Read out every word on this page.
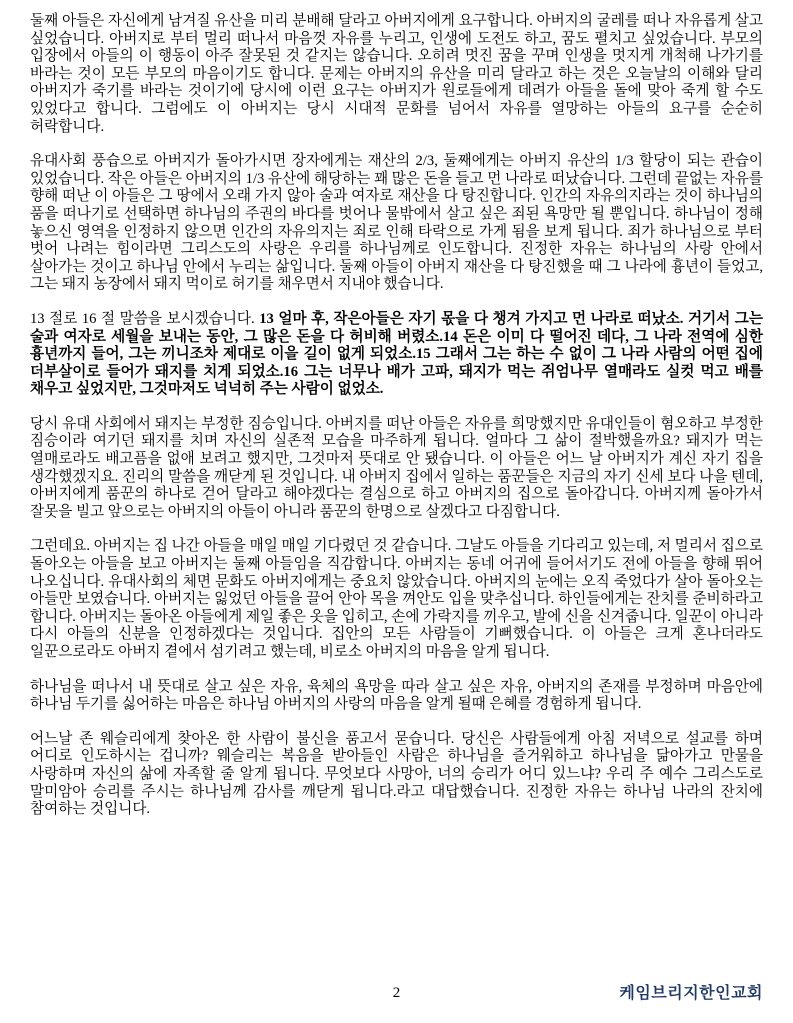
둘째 아들은 자신에게 남겨질 유산을 미리 분배해 달라고 아버지에게 요구합니다. 아버지의 굴레를 떠나 자유롭게 살고 싶었습니다. 아버지로 부터 멀리 떠나서 마음껏 자유를 누리고, 인생에 도전도 하고, 꿈도 펼치고 싶었습니다. 부모의 입장에서 아들의 이 행동이 아주 잘못된 것 같지는 않습니다. 오히려 멋진 꿈을 꾸며 인생을 멋지게 개척해 나가기를 바라는 것이 모든 부모의 마음이기도 합니다. 문제는 아버지의 유산을 미리 달라고 하는 것은 오늘날의 이해와 달리 아버지가 죽기를 바라는 것이기에 당시에 이런 요구는 아버지가 원로들에게 데려가 아들을 돌에 맞아 죽게 할 수도 있었다고 합니다. 그럼에도 이 아버지는 당시 시대적 문화를 넘어서 자유를 열망하는 아들의 요구를 순순히 허락합니다.

유대사회 풍습으로 아버지가 돌아가시면 장자에게는 재산의 2/3, 둘째에게는 아버지 유산의 1/3 할당이 되는 관습이 있었습니다. 작은 아들은 아버지의 1/3 유산에 해당하는 꽤 많은 돈을 들고 먼 나라로 떠났습니다. 그런데 끝없는 자유를 향해 떠난 이 아들은 그 땅에서 오래 가지 않아 술과 여자로 재산을 다 탕진합니다. 인간의 자유의지라는 것이 하나님의 품을 떠나기로 선택하면 하나님의 주권의 바다를 벗어나 물밖에서 살고 싶은 죄된 욕망만 될 뿐입니다. 하나님이 정해 놓으신 영역을 인정하지 않으면 인간의 자유의지는 죄로 인해 타락으로 가게 됨을 보게 됩니다. 죄가 하나님으로 부터 벗어 나려는 힘이라면 그리스도의 사랑은 우리를 하나님께로 인도합니다. 진정한 자유는 하나님의 사랑 안에서 살아가는 것이고 하나님 안에서 누리는 삶입니다. 둘째 아들이 아버지 재산을 다 탕진했을 때 그 나라에 흉년이 들었고, 그는 돼지 농장에서 돼지 먹이로 허기를 채우면서 지내야 했습니다.

13 절로 16 절 말씀을 보시겠습니다. 13 얼마 후, 작은아들은 자기 몫을 다 챙겨 가지고 먼 나라로 떠났소. 거기서 그는 술과 여자로 세월을 보내는 동안, 그 많은 돈을 다 허비해 버렸소.14 돈은 이미 다 떨어진 데다, 그 나라 전역에 심한 흉년까지 들어, 그는 끼니조차 제대로 이을 길이 없게 되었소.15 그래서 그는 하는 수 없이 그 나라 사람의 어떤 집에 더부살이로 들어가 돼지를 치게 되었소.16 그는 너무나 배가 고파, 돼지가 먹는 쥐엄나무 열매라도 실컷 먹고 배를 채우고 싶었지만, 그것마저도 넉넉히 주는 사람이 없었소.

당시 유대 사회에서 돼지는 부정한 짐승입니다. 아버지를 떠난 아들은 자유를 희망했지만 유대인들이 혐오하고 부정한 짐승이라 여기던 돼지를 치며 자신의 실존적 모습을 마주하게 됩니다. 얼마다 그 삶이 절박했을까요? 돼지가 먹는 열매로라도 배고픔을 없애 보려고 했지만, 그것마저 뜻대로 안 됐습니다. 이 아들은 어느 날 아버지가 계신 자기 집을 생각했겠지요. 진리의 말씀을 깨닫게 된 것입니다. 내 아버지 집에서 일하는 품꾼들은 지금의 자기 신세 보다 나을 텐데, 아버지에게 품꾼의 하나로 걷어 달라고 해야겠다는 결심으로 하고 아버지의 집으로 돌아갑니다. 아버지께 돌아가서 잘못을 빌고 앞으로는 아버지의 아들이 아니라 품꾼의 한명으로 살겠다고 다짐합니다.

그런데요. 아버지는 집 나간 아들을 매일 매일 기다렸던 것 같습니다. 그날도 아들을 기다리고 있는데, 저 멀리서 집으로 돌아오는 아들을 보고 아버지는 둘째 아들임을 직감합니다. 아버지는 동네 어귀에 들어서기도 전에 아들을 향해 뛰어 나오십니다. 유대사회의 체면 문화도 아버지에게는 중요치 않았습니다. 아버지의 눈에는 오직 죽었다가 살아 돌아오는 아들만 보였습니다. 아버지는 잃었던 아들을 끌어 안아 목을 껴안도 입을 맞추십니다. 하인들에게는 잔치를 준비하라고 합니다. 아버지는 돌아온 아들에게 제일 좋은 옷을 입히고, 손에 가락지를 끼우고, 발에 신을 신겨줍니다. 일꾼이 아니라 다시 아들의 신분을 인정하겠다는 것입니다. 집안의 모든 사람들이 기뻐했습니다. 이 아들은 크게 혼나더라도 일꾼으로라도 아버지 곁에서 섬기려고 했는데, 비로소 아버지의 마음을 알게 됩니다.

하나님을 떠나서 내 뜻대로 살고 싶은 자유, 육체의 욕망을 따라 살고 싶은 자유, 아버지의 존재를 부정하며 마음안에 하나님 두기를 싫어하는 마음은 하나님 아버지의 사랑의 마음을 알게 될때 은혜를 경험하게 됩니다.

어느날 존 웨슬리에게 찾아온 한 사람이 불신을 품고서 묻습니다. 당신은 사람들에게 아침 저녁으로 설교를 하며 어디로 인도하시는 겁니까? 웨슬리는 복음을 받아들인 사람은 하나님을 즐거워하고 하나님을 닮아가고 만물을 사랑하며 자신의 삶에 자족할 줄 알게 됩니다. 무엇보다 사망아, 너의 승리가 어디 있느냐? 우리 주 예수 그리스도로 말미암아 승리를 주시는 하나님께 감사를 깨닫게 됩니다.라고 대답했습니다. 진정한 자유는 하나님 나라의 잔치에 참여하는 것입니다.

2	케임브리지한인교회
